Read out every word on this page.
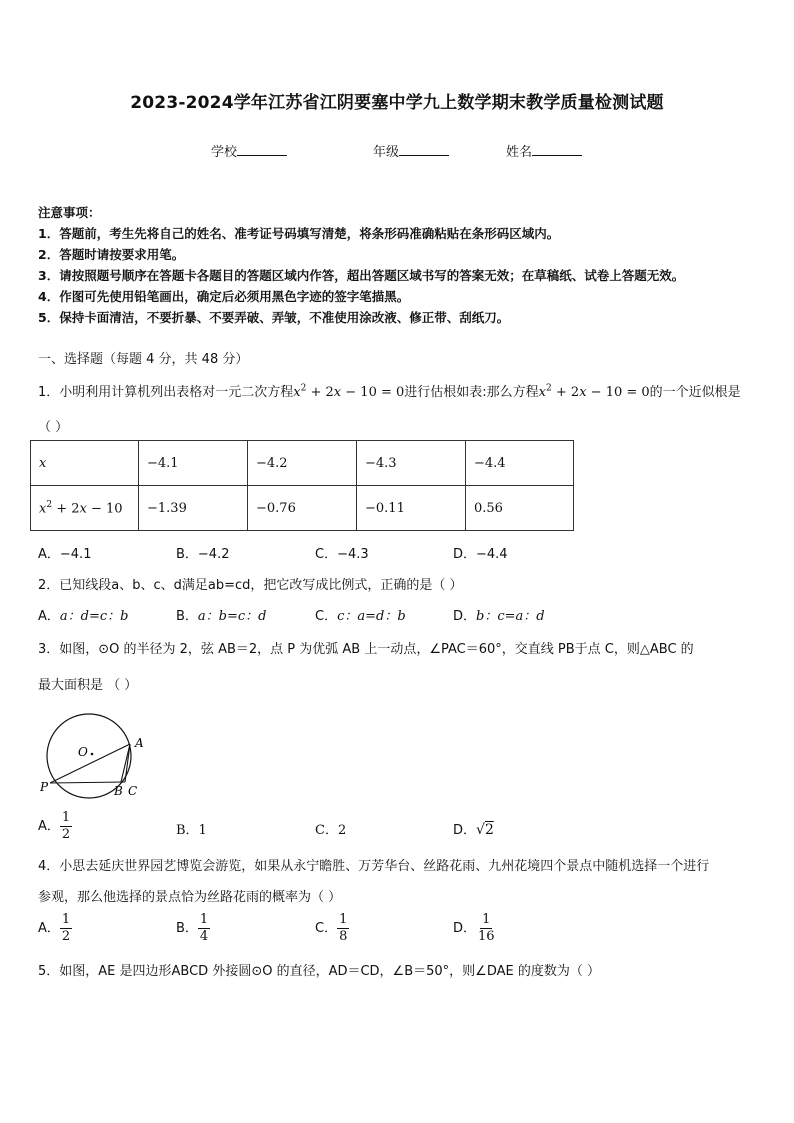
2023-2024学年江苏省江阴要塞中学九上数学期末教学质量检测试题
学校	年级	姓名
注意事项：
1．答题前，考生先将自己的姓名、准考证号码填写清楚，将条形码准确粘贴在条形码区域内。
2．答题时请按要求用笔。
3．请按照题号顺序在答题卡各题目的答题区域内作答，超出答题区域书写的答案无效；在草稿纸、试卷上答题无效。
4．作图可先使用铅笔画出，确定后必须用黑色字迹的签字笔描黑。
5．保持卡面清洁，不要折暴、不要弄破、弄皱，不准使用涂改液、修正带、刮纸刀。
一、选择题（每题 4 分，共 48 分）
1．小明利用计算机列出表格对一元二次方程$x^2 + 2x - 10 = 0$进行估根如表:那么方程$x^2 + 2x - 10 = 0$的一个近似根是
（ ）
x	−4.1	−4.2	−4.3	−4.4
$x^2 + 2x - 10$	−1.39	−0.76	−0.11	0.56
A．−4.1	B．−4.2	C．−4.3	D．−4.4
2．已知线段a、b、c、d满足ab=cd，把它改写成比例式，正确的是（ ）
A．a：d=c：b	B．a：b=c：d	C．c：a=d：b	D．b：c=a：d
3．如图，⊙O 的半径为 2，弦 AB＝2，点 P 为优弧 AB 上一动点，∠PAC＝60°，交直线 PB于点 C，则△ABC 的
最大面积是 （ ）
O
A
P	B C
A． $\frac{1}{2}$	B．1	C．2	D．√2
4．小思去延庆世界园艺博览会游览，如果从永宁瞻胜、万芳华台、丝路花雨、九州花境四个景点中随机选择一个进行
参观，那么他选择的景点恰为丝路花雨的概率为（ ）
A． $\frac{1}{2}$	B． $\frac{1}{4}$	C． $\frac{1}{8}$	D． $\frac{1}{16}$
5．如图，AE 是四边形ABCD 外接圆⊙O 的直径，AD＝CD，∠B＝50°，则∠DAE 的度数为（ ）
